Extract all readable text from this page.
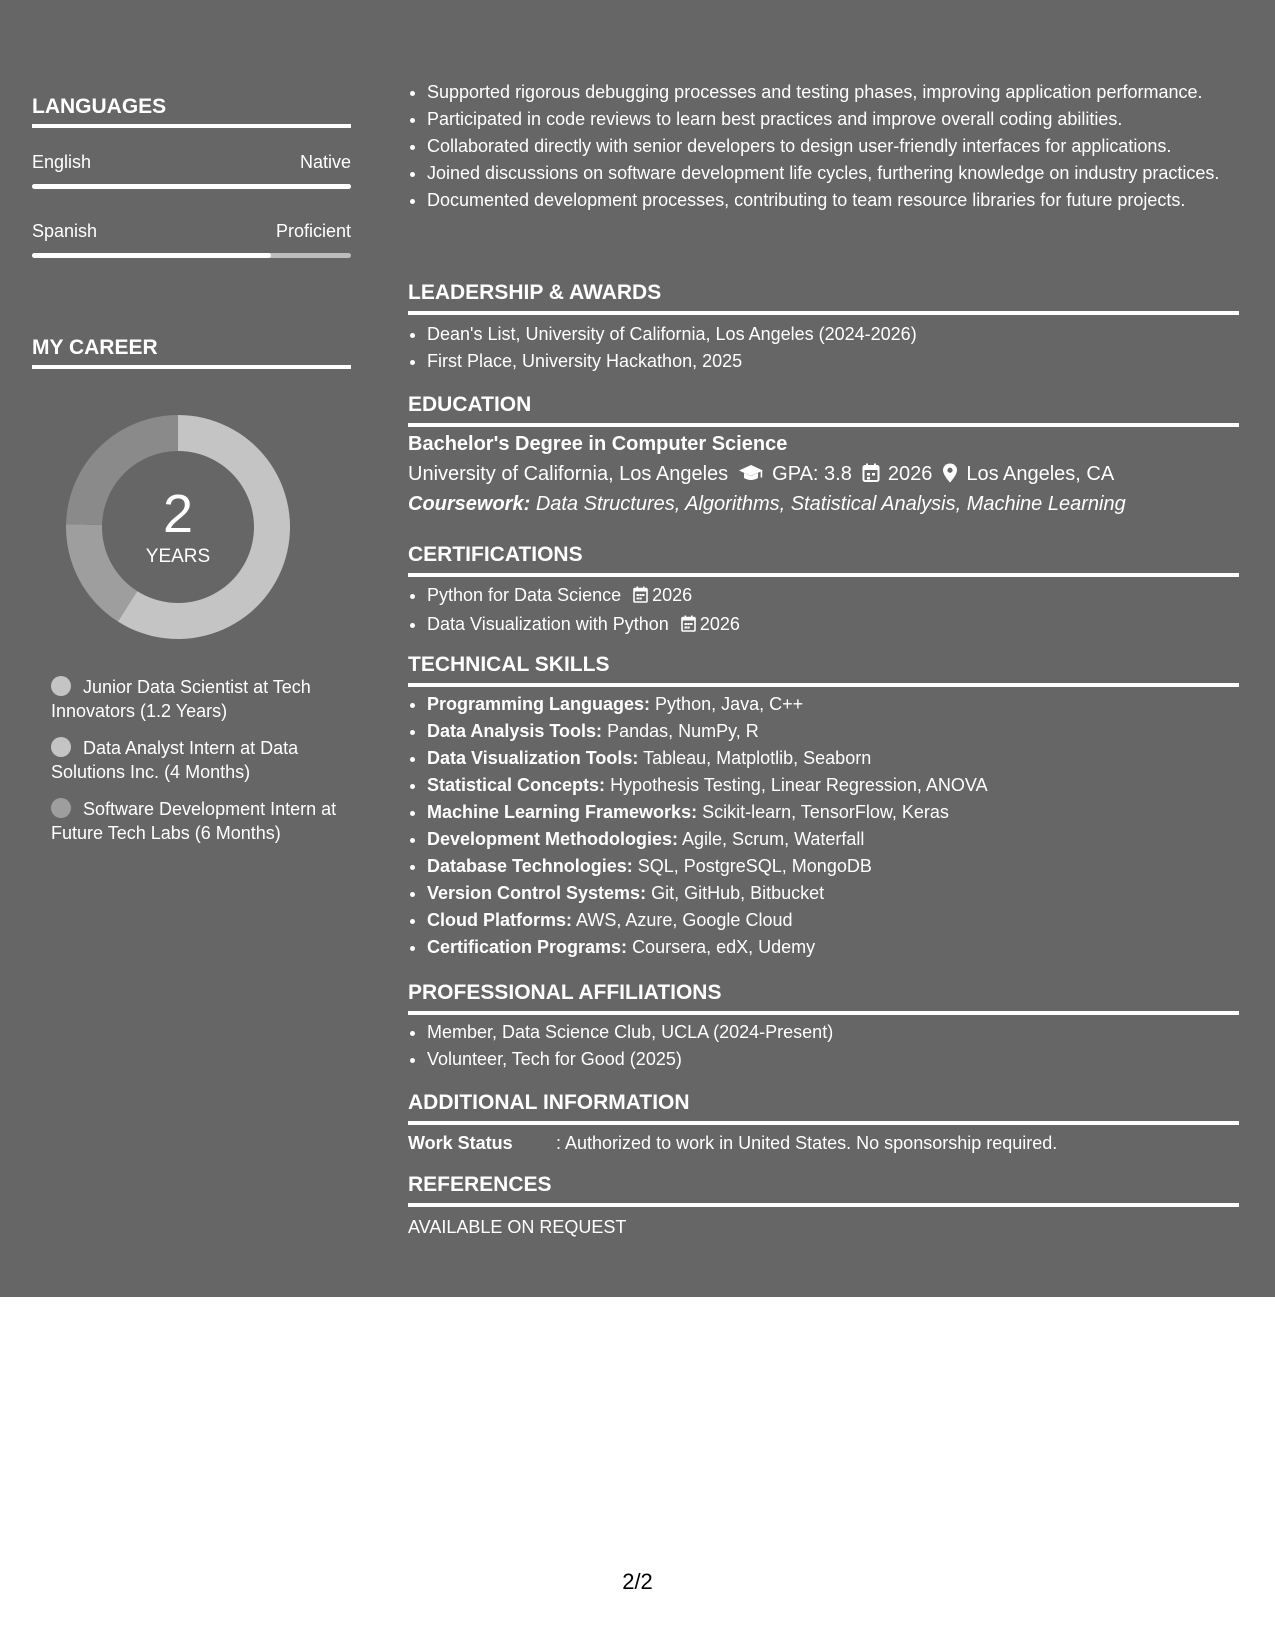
LANGUAGES
English	Native
Spanish	Proficient
MY CAREER
2
YEARS
Junior Data Scientist at Tech Innovators (1.2 Years)
Data Analyst Intern at Data Solutions Inc. (4 Months)
Software Development Intern at Future Tech Labs (6 Months)
• Supported rigorous debugging processes and testing phases, improving application performance.
• Participated in code reviews to learn best practices and improve overall coding abilities.
• Collaborated directly with senior developers to design user-friendly interfaces for applications.
• Joined discussions on software development life cycles, furthering knowledge on industry practices.
• Documented development processes, contributing to team resource libraries for future projects.
LEADERSHIP & AWARDS
• Dean's List, University of California, Los Angeles (2024-2026)
• First Place, University Hackathon, 2025
EDUCATION
Bachelor's Degree in Computer Science
University of California, Los Angeles GPA: 3.8 2026 Los Angeles, CA
Coursework: Data Structures, Algorithms, Statistical Analysis, Machine Learning
CERTIFICATIONS
• Python for Data Science 2026
• Data Visualization with Python 2026
TECHNICAL SKILLS
• Programming Languages: Python, Java, C++
• Data Analysis Tools: Pandas, NumPy, R
• Data Visualization Tools: Tableau, Matplotlib, Seaborn
• Statistical Concepts: Hypothesis Testing, Linear Regression, ANOVA
• Machine Learning Frameworks: Scikit-learn, TensorFlow, Keras
• Development Methodologies: Agile, Scrum, Waterfall
• Database Technologies: SQL, PostgreSQL, MongoDB
• Version Control Systems: Git, GitHub, Bitbucket
• Cloud Platforms: AWS, Azure, Google Cloud
• Certification Programs: Coursera, edX, Udemy
PROFESSIONAL AFFILIATIONS
• Member, Data Science Club, UCLA (2024-Present)
• Volunteer, Tech for Good (2025)
ADDITIONAL INFORMATION
Work Status : Authorized to work in United States. No sponsorship required.
REFERENCES
AVAILABLE ON REQUEST
2/2
